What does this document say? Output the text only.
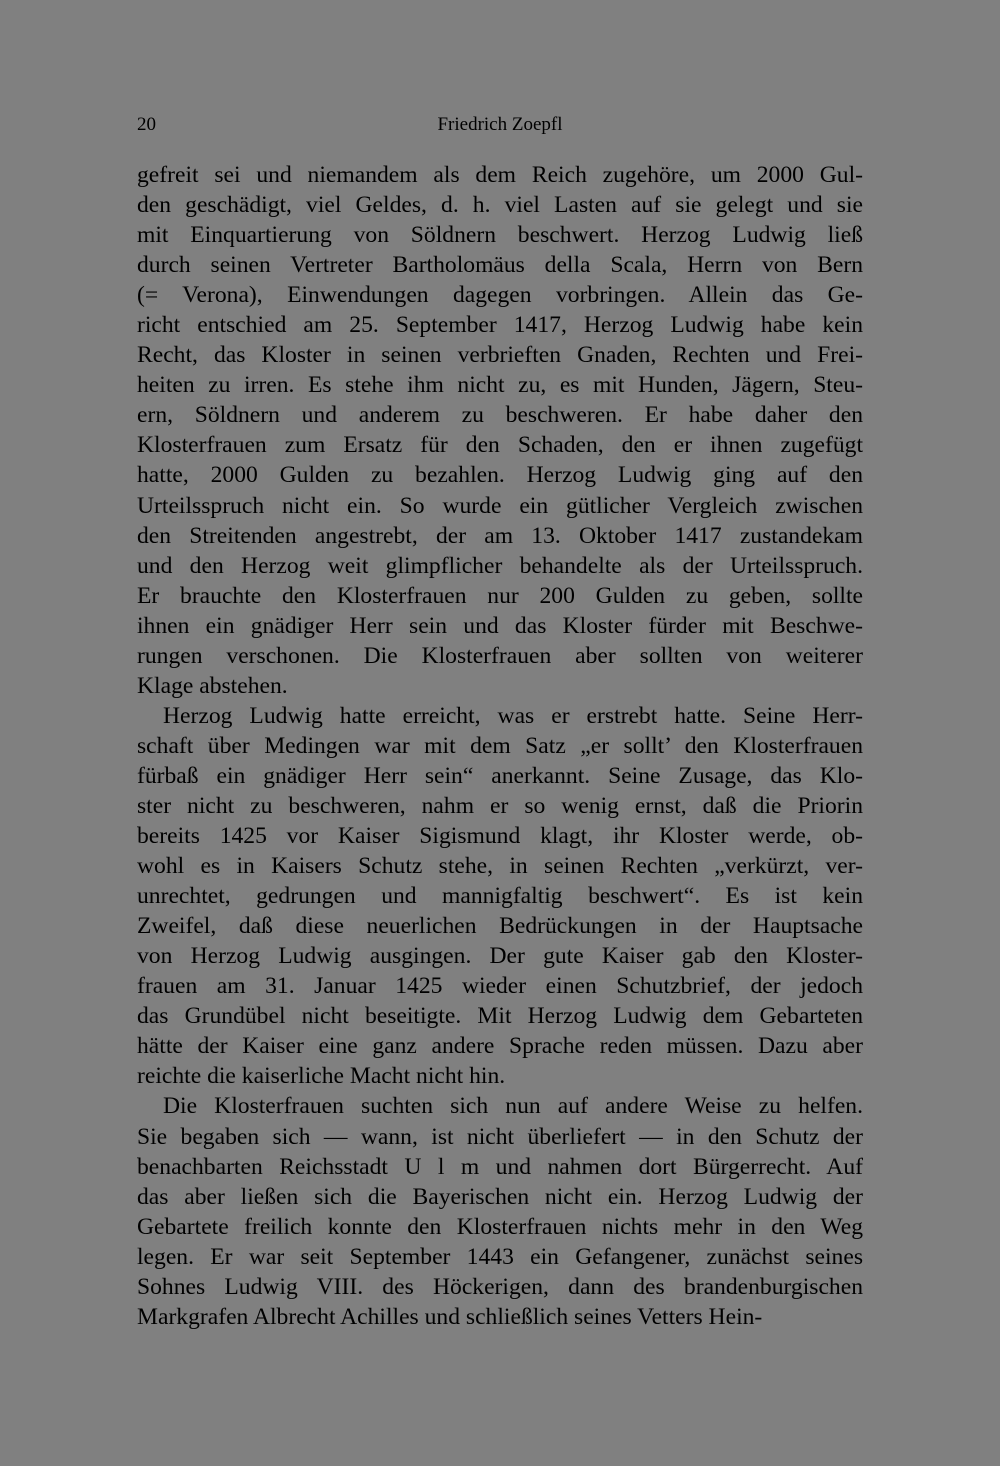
20	Friedrich Zoepfl
gefreit sei und niemandem als dem Reich zugehöre, um 2000 Gul-
den geschädigt, viel Geldes, d. h. viel Lasten auf sie gelegt und sie
mit Einquartierung von Söldnern beschwert. Herzog Ludwig ließ
durch seinen Vertreter Bartholomäus della Scala, Herrn von Bern
(= Verona), Einwendungen dagegen vorbringen. Allein das Ge-
richt entschied am 25. September 1417, Herzog Ludwig habe kein
Recht, das Kloster in seinen verbrieften Gnaden, Rechten und Frei-
heiten zu irren. Es stehe ihm nicht zu, es mit Hunden, Jägern, Steu-
ern, Söldnern und anderem zu beschweren. Er habe daher den
Klosterfrauen zum Ersatz für den Schaden, den er ihnen zugefügt
hatte, 2000 Gulden zu bezahlen. Herzog Ludwig ging auf den
Urteilsspruch nicht ein. So wurde ein gütlicher Vergleich zwischen
den Streitenden angestrebt, der am 13. Oktober 1417 zustandekam
und den Herzog weit glimpflicher behandelte als der Urteilsspruch.
Er brauchte den Klosterfrauen nur 200 Gulden zu geben, sollte
ihnen ein gnädiger Herr sein und das Kloster fürder mit Beschwe-
rungen verschonen. Die Klosterfrauen aber sollten von weiterer
Klage abstehen.
Herzog Ludwig hatte erreicht, was er erstrebt hatte. Seine Herr-
schaft über Medingen war mit dem Satz „er sollt’ den Klosterfrauen
fürbaß ein gnädiger Herr sein“ anerkannt. Seine Zusage, das Klo-
ster nicht zu beschweren, nahm er so wenig ernst, daß die Priorin
bereits 1425 vor Kaiser Sigismund klagt, ihr Kloster werde, ob-
wohl es in Kaisers Schutz stehe, in seinen Rechten „verkürzt, ver-
unrechtet, gedrungen und mannigfaltig beschwert“. Es ist kein
Zweifel, daß diese neuerlichen Bedrückungen in der Hauptsache
von Herzog Ludwig ausgingen. Der gute Kaiser gab den Kloster-
frauen am 31. Januar 1425 wieder einen Schutzbrief, der jedoch
das Grundübel nicht beseitigte. Mit Herzog Ludwig dem Gebarteten
hätte der Kaiser eine ganz andere Sprache reden müssen. Dazu aber
reichte die kaiserliche Macht nicht hin.
Die Klosterfrauen suchten sich nun auf andere Weise zu helfen.
Sie begaben sich — wann, ist nicht überliefert — in den Schutz der
benachbarten Reichsstadt U l m und nahmen dort Bürgerrecht. Auf
das aber ließen sich die Bayerischen nicht ein. Herzog Ludwig der
Gebartete freilich konnte den Klosterfrauen nichts mehr in den Weg
legen. Er war seit September 1443 ein Gefangener, zunächst seines
Sohnes Ludwig VIII. des Höckerigen, dann des brandenburgischen
Markgrafen Albrecht Achilles und schließlich seines Vetters Hein-
